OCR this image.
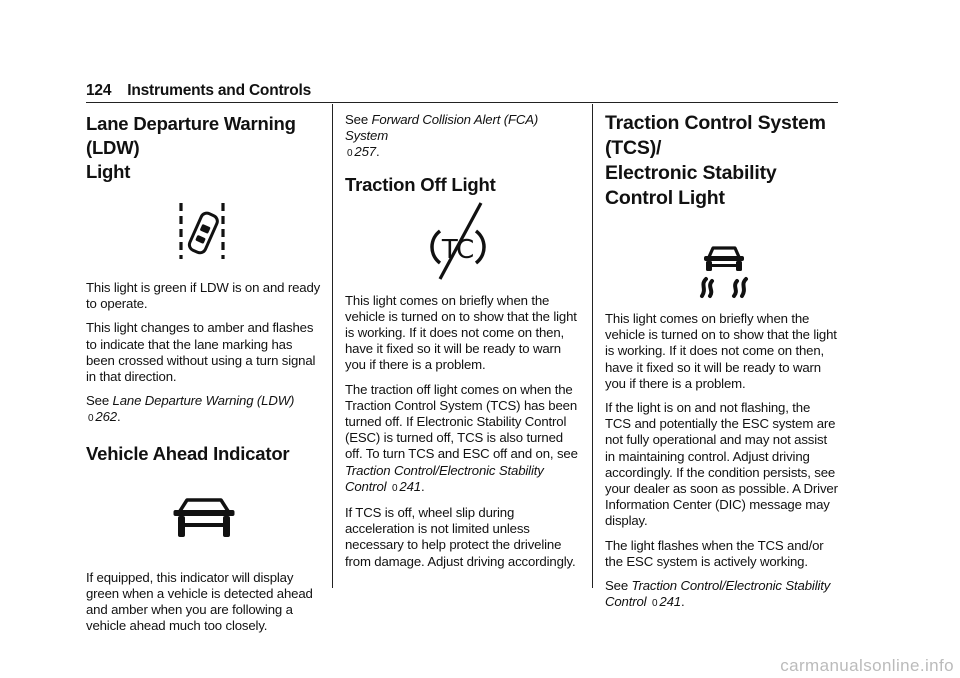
124 Instruments and Controls
Lane Departure Warning (LDW)
Light

This light is green if LDW is on and ready to operate.

This light changes to amber and flashes to indicate that the lane marking has been crossed without using a turn signal in that direction.

See Lane Departure Warning (LDW) 0 262.

Vehicle Ahead Indicator

If equipped, this indicator will display green when a vehicle is detected ahead and amber when you are following a vehicle ahead much too closely.

See Forward Collision Alert (FCA) System
0 257.

Traction Off Light
TC

This light comes on briefly when the vehicle is turned on to show that the light is working. If it does not come on then, have it fixed so it will be ready to warn you if there is a problem.

The traction off light comes on when the Traction Control System (TCS) has been turned off. If Electronic Stability Control (ESC) is turned off, TCS is also turned off. To turn TCS and ESC off and on, see Traction Control/Electronic Stability Control 0 241.

If TCS is off, wheel slip during acceleration is not limited unless necessary to help protect the driveline from damage. Adjust driving accordingly.

Traction Control System (TCS)/
Electronic Stability Control Light

This light comes on briefly when the vehicle is turned on to show that the light is working. If it does not come on then, have it fixed so it will be ready to warn you if there is a problem.

If the light is on and not flashing, the TCS and potentially the ESC system are not fully operational and may not assist in maintaining control. Adjust driving accordingly. If the condition persists, see your dealer as soon as possible. A Driver Information Center (DIC) message may display.

The light flashes when the TCS and/or the ESC system is actively working.

See Traction Control/Electronic Stability Control 0 241.

carmanualsonline.info
